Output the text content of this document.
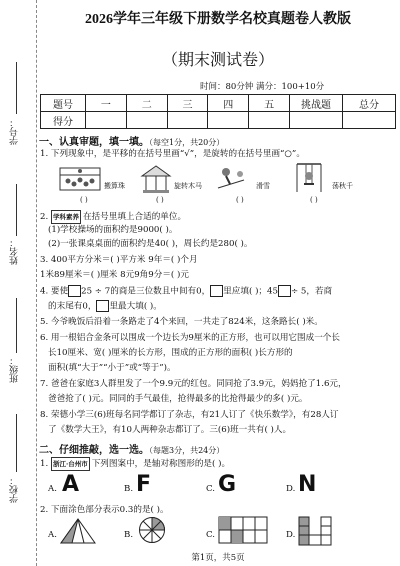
学号：
姓名：
班级：
学校：
2026学年三年级下册数学名校真题卷人教版
（期末测试卷）
时间：80分钟 满分：100+10分
题号	一	二	三	四	五	挑战题	总分
得分							
一、认真审题，填一填。（每空1分，共20分）
1. 下列现象中，是平移的在括号里画“√”，是旋转的在括号里画“○”。
搬算珠
( )
旋转木马
( )
滑雪
( )
荡秋千
( )
2. 学科素养 在括号里填上合适的单位。
(1)学校操场的面积约是9000( )。
(2)一张课桌桌面的面积约是40( )，周长约是280( )。
3. 400平方分米＝( )平方米 9年＝( )个月
1米89厘米＝( )厘米 8元9角9分＝( )元
4. 要使 25 ÷ 7的商是三位数且中间有0， 里应填( )；45 ÷ 5，若商
的末尾有0， 里最大填( )。
5. 今爷晚饭后沿着一条路走了4个来回，一共走了824米，这条路长( )米。
6. 用一根铝合金条可以围成一个边长为9厘米的正方形，也可以用它围成一个长
长10厘米、宽( )厘米的长方形，围成的正方形的面积( )长方形的
面积(填“大于”“小于”或“等于”)。
7. 爸爸在家庭3人群里发了一个9.9元的红包。同同抢了3.9元，妈妈抢了1.6元，
爸爸抢了( )元。同同的手气最佳，抢得最多的比抢得最少的多( )元。
8. 荣德小学三(6)班每名同学都订了杂志，有21人订了《快乐数学》，有28人订
了《数学大王》，有10人两种杂志都订了。三(6)班一共有( )人。
二、仔细推敲，选一选。（每题3分，共24分）
1. 浙江·台州市 下列图案中，是轴对称图形的是( )。
A. A	B. F	C. G	D. N
2. 下面涂色部分表示0.3的是( )。
A.	B.	C.	D.
第1页，共5页
